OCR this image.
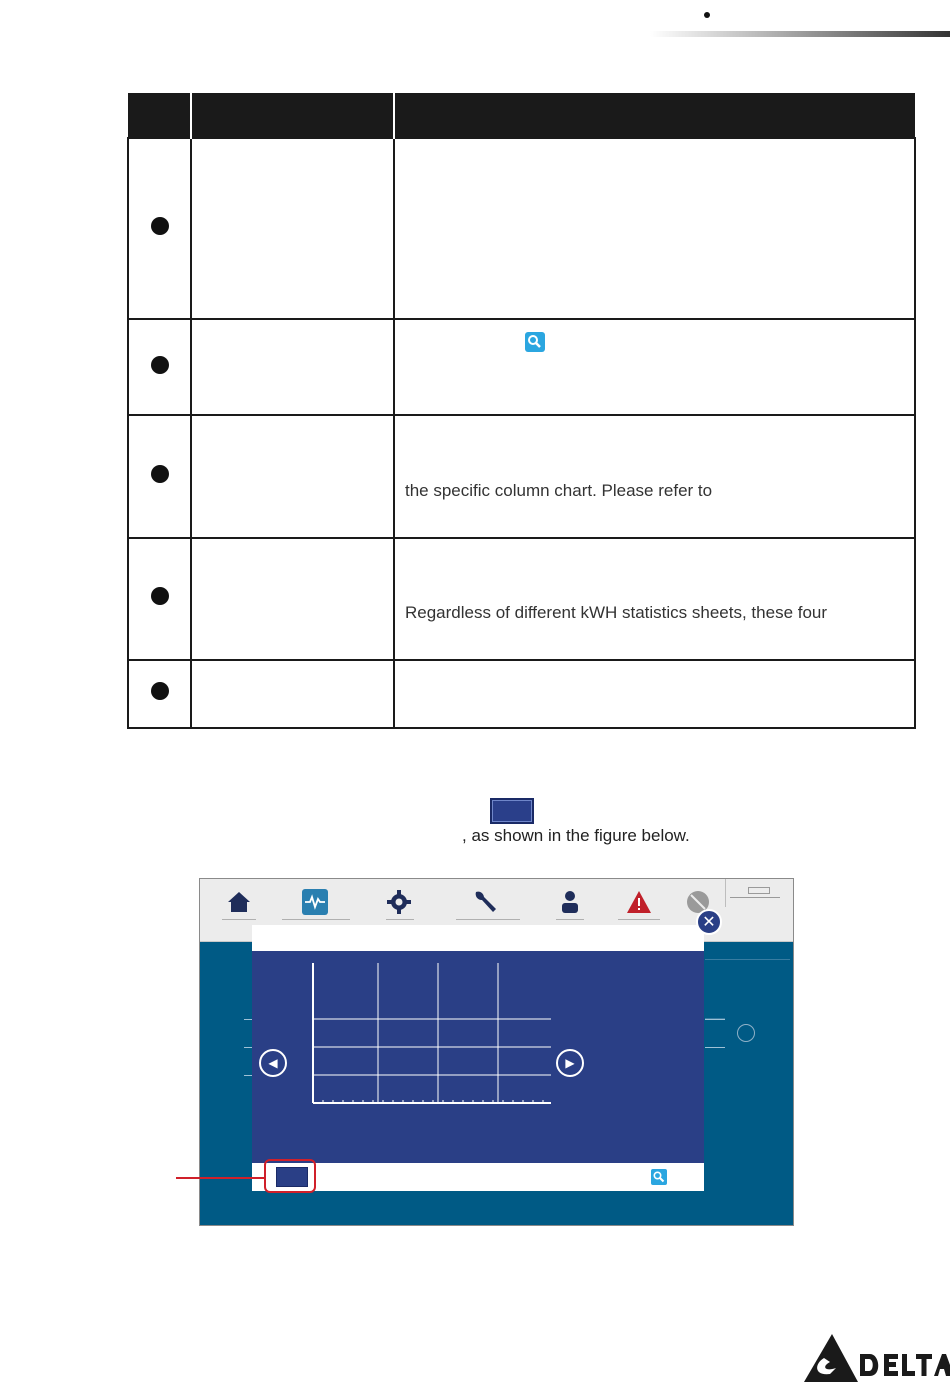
		the specific column chart. Please refer to

		Regardless of different kWH statistics sheets, these four

, as shown in the figure below.
✕
◀	▶
